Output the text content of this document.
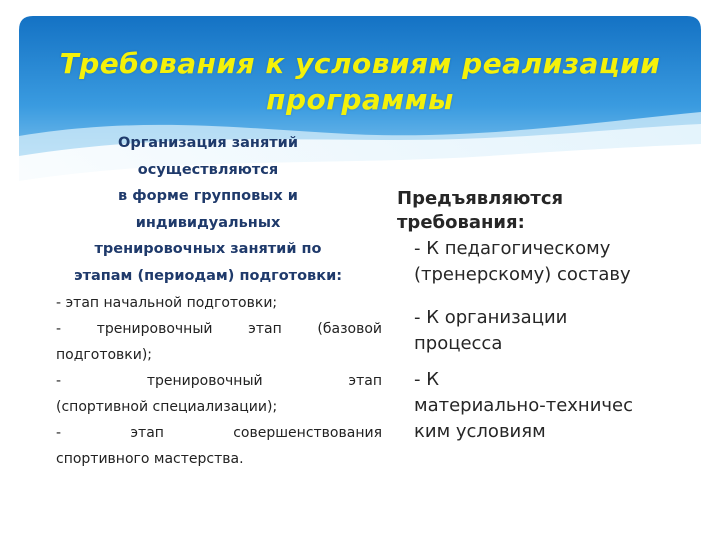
Требования к условиям реализации программы
Организация занятий
осуществляются
в форме групповых и
индивидуальных
тренировочных занятий по
этапам (периодам) подготовки:
- этап начальной подготовки;
- тренировочный этап (базовой
подготовки);
- тренировочный этап
(спортивной специализации);
- этап совершенствования
спортивного мастерства.
Предъявляются
требования:
- К педагогическому
(тренерскому) составу
- К организации
процесса
- К
материально-техничес
ким условиям
